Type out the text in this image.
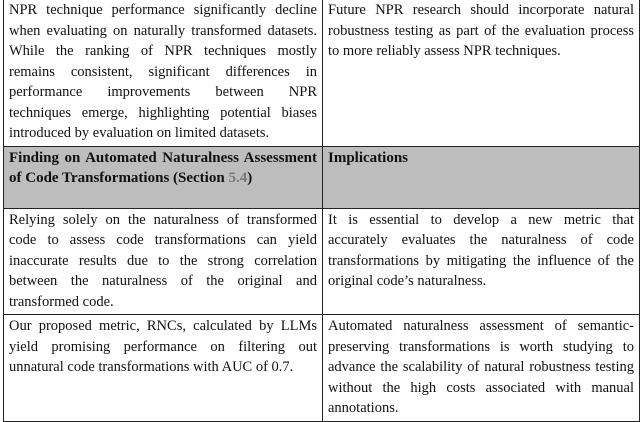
NPR technique performance significantly decline when evaluating on naturally transformed datasets. While the ranking of NPR techniques mostly remains consistent, significant differences in performance improvements between NPR techniques emerge, highlighting potential biases introduced by evaluation on limited datasets.	Future NPR research should incorporate natural robustness testing as part of the evaluation process to more reliably assess NPR techniques.
Finding on Automated Naturalness Assessment of Code Transformations (Section 5.4)	Implications
Relying solely on the naturalness of transformed code to assess code transformations can yield inaccurate results due to the strong correlation between the naturalness of the original and transformed code.	It is essential to develop a new metric that accurately evaluates the naturalness of code transformations by mitigating the influence of the original code’s naturalness.
Our proposed metric, RNCs, calculated by LLMs yield promising performance on filtering out unnatural code transformations with AUC of 0.7.	Automated naturalness assessment of semantic-preserving transformations is worth studying to advance the scalability of natural robustness testing without the high costs associated with manual annotations.
